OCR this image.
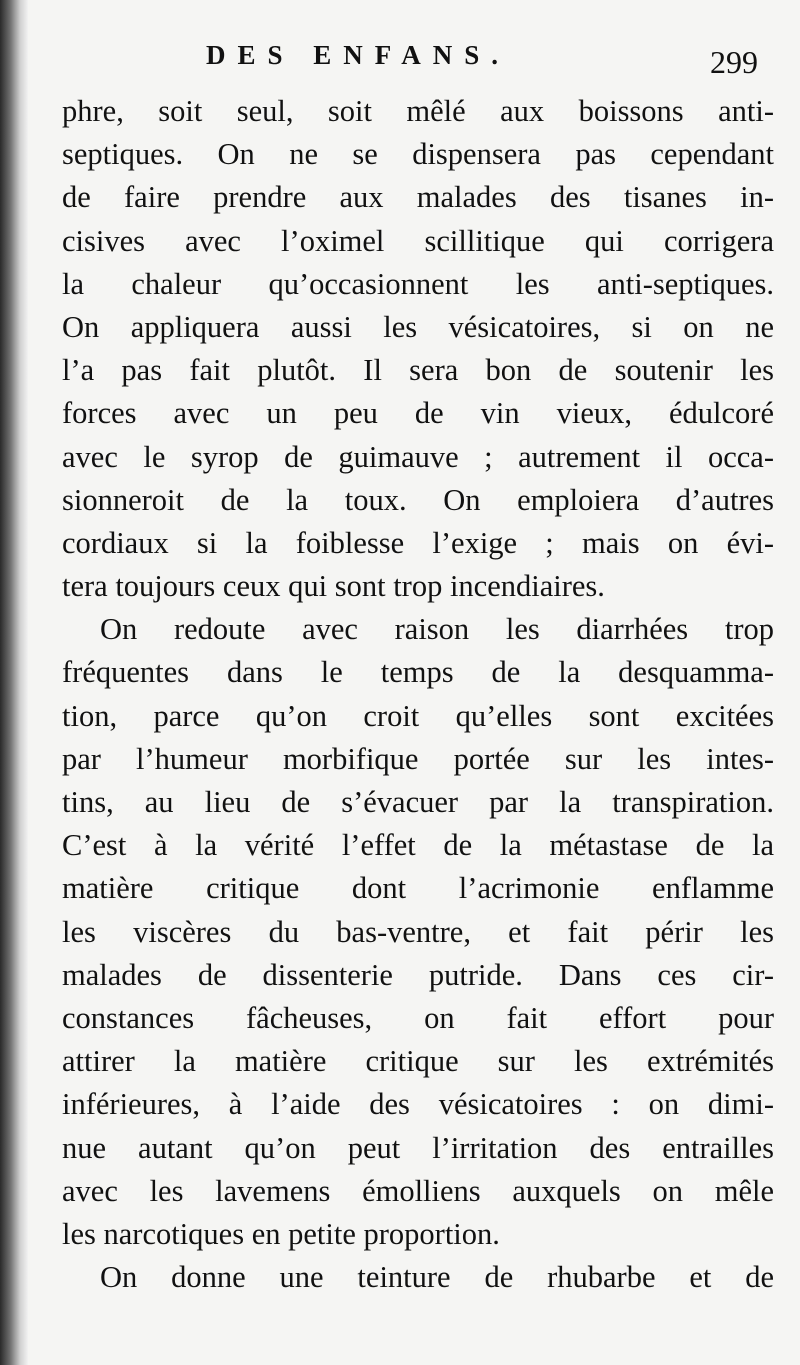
DES ENFANS.	299
phre, soit seul, soit mêlé aux boissons anti-
septiques. On ne se dispensera pas cependant
de faire prendre aux malades des tisanes in-
cisives avec l’oximel scillitique qui corrigera
la chaleur qu’occasionnent les anti-septiques.
On appliquera aussi les vésicatoires, si on ne
l’a pas fait plutôt. Il sera bon de soutenir les
forces avec un peu de vin vieux, édulcoré
avec le syrop de guimauve ; autrement il occa-
sionneroit de la toux. On emploiera d’autres
cordiaux si la foiblesse l’exige ; mais on évi-
tera toujours ceux qui sont trop incendiaires.
On redoute avec raison les diarrhées trop
fréquentes dans le temps de la desquamma-
tion, parce qu’on croit qu’elles sont excitées
par l’humeur morbifique portée sur les intes-
tins, au lieu de s’évacuer par la transpiration.
C’est à la vérité l’effet de la métastase de la
matière critique dont l’acrimonie enflamme
les viscères du bas-ventre, et fait périr les
malades de dissenterie putride. Dans ces cir-
constances fâcheuses, on fait effort pour
attirer la matière critique sur les extrémités
inférieures, à l’aide des vésicatoires : on dimi-
nue autant qu’on peut l’irritation des entrailles
avec les lavemens émolliens auxquels on mêle
les narcotiques en petite proportion.
On donne une teinture de rhubarbe et de
